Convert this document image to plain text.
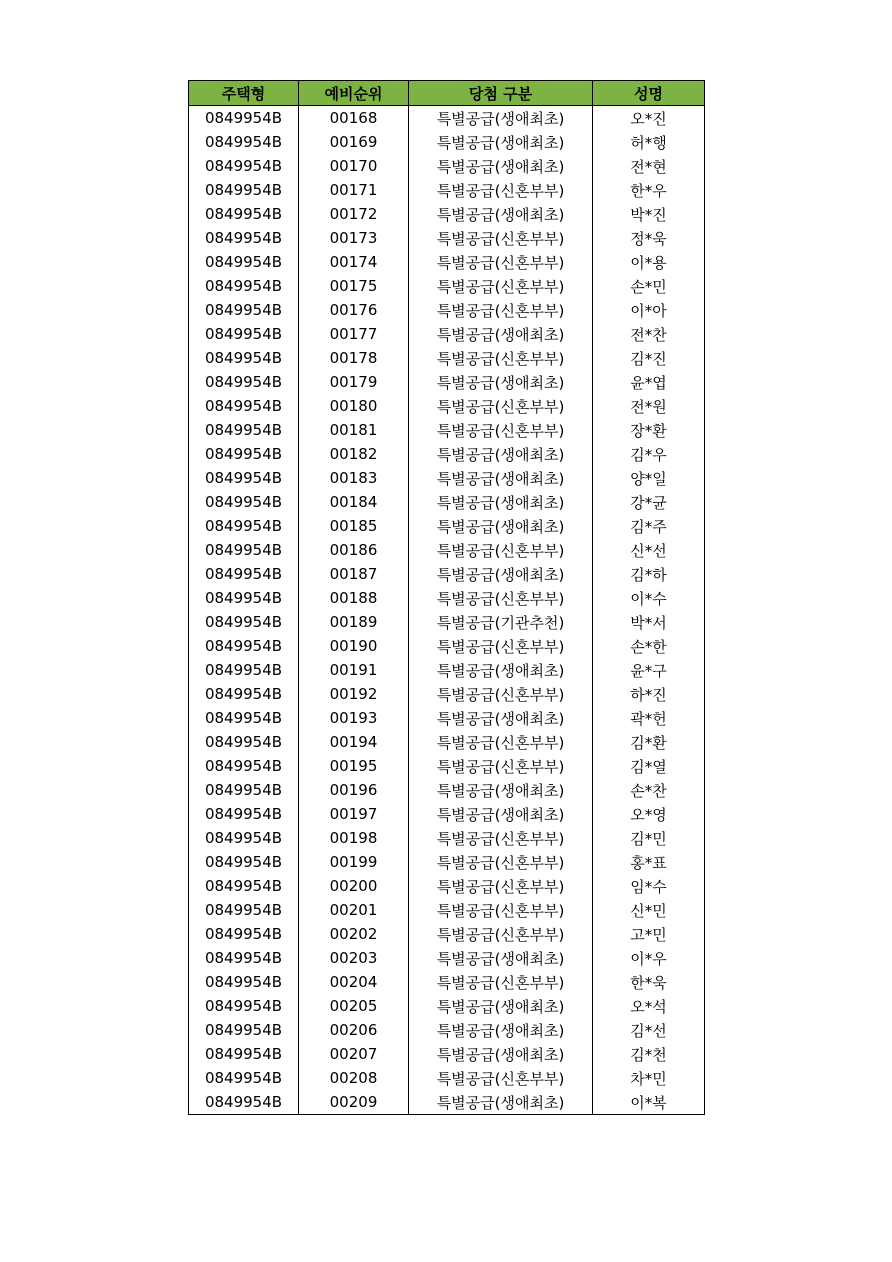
주택형	예비순위	당첨 구분	성명
0849954B	00168	특별공급(생애최초)	오*진
0849954B	00169	특별공급(생애최초)	허*행
0849954B	00170	특별공급(생애최초)	전*현
0849954B	00171	특별공급(신혼부부)	한*우
0849954B	00172	특별공급(생애최초)	박*진
0849954B	00173	특별공급(신혼부부)	정*욱
0849954B	00174	특별공급(신혼부부)	이*용
0849954B	00175	특별공급(신혼부부)	손*민
0849954B	00176	특별공급(신혼부부)	이*아
0849954B	00177	특별공급(생애최초)	전*찬
0849954B	00178	특별공급(신혼부부)	김*진
0849954B	00179	특별공급(생애최초)	윤*엽
0849954B	00180	특별공급(신혼부부)	전*원
0849954B	00181	특별공급(신혼부부)	장*환
0849954B	00182	특별공급(생애최초)	김*우
0849954B	00183	특별공급(생애최초)	양*일
0849954B	00184	특별공급(생애최초)	강*균
0849954B	00185	특별공급(생애최초)	김*주
0849954B	00186	특별공급(신혼부부)	신*선
0849954B	00187	특별공급(생애최초)	김*하
0849954B	00188	특별공급(신혼부부)	이*수
0849954B	00189	특별공급(기관추천)	박*서
0849954B	00190	특별공급(신혼부부)	손*한
0849954B	00191	특별공급(생애최초)	윤*구
0849954B	00192	특별공급(신혼부부)	하*진
0849954B	00193	특별공급(생애최초)	곽*헌
0849954B	00194	특별공급(신혼부부)	김*환
0849954B	00195	특별공급(신혼부부)	김*열
0849954B	00196	특별공급(생애최초)	손*찬
0849954B	00197	특별공급(생애최초)	오*영
0849954B	00198	특별공급(신혼부부)	김*민
0849954B	00199	특별공급(신혼부부)	홍*표
0849954B	00200	특별공급(신혼부부)	임*수
0849954B	00201	특별공급(신혼부부)	신*민
0849954B	00202	특별공급(신혼부부)	고*민
0849954B	00203	특별공급(생애최초)	이*우
0849954B	00204	특별공급(신혼부부)	한*욱
0849954B	00205	특별공급(생애최초)	오*석
0849954B	00206	특별공급(생애최초)	김*선
0849954B	00207	특별공급(생애최초)	김*천
0849954B	00208	특별공급(신혼부부)	차*민
0849954B	00209	특별공급(생애최초)	이*복
